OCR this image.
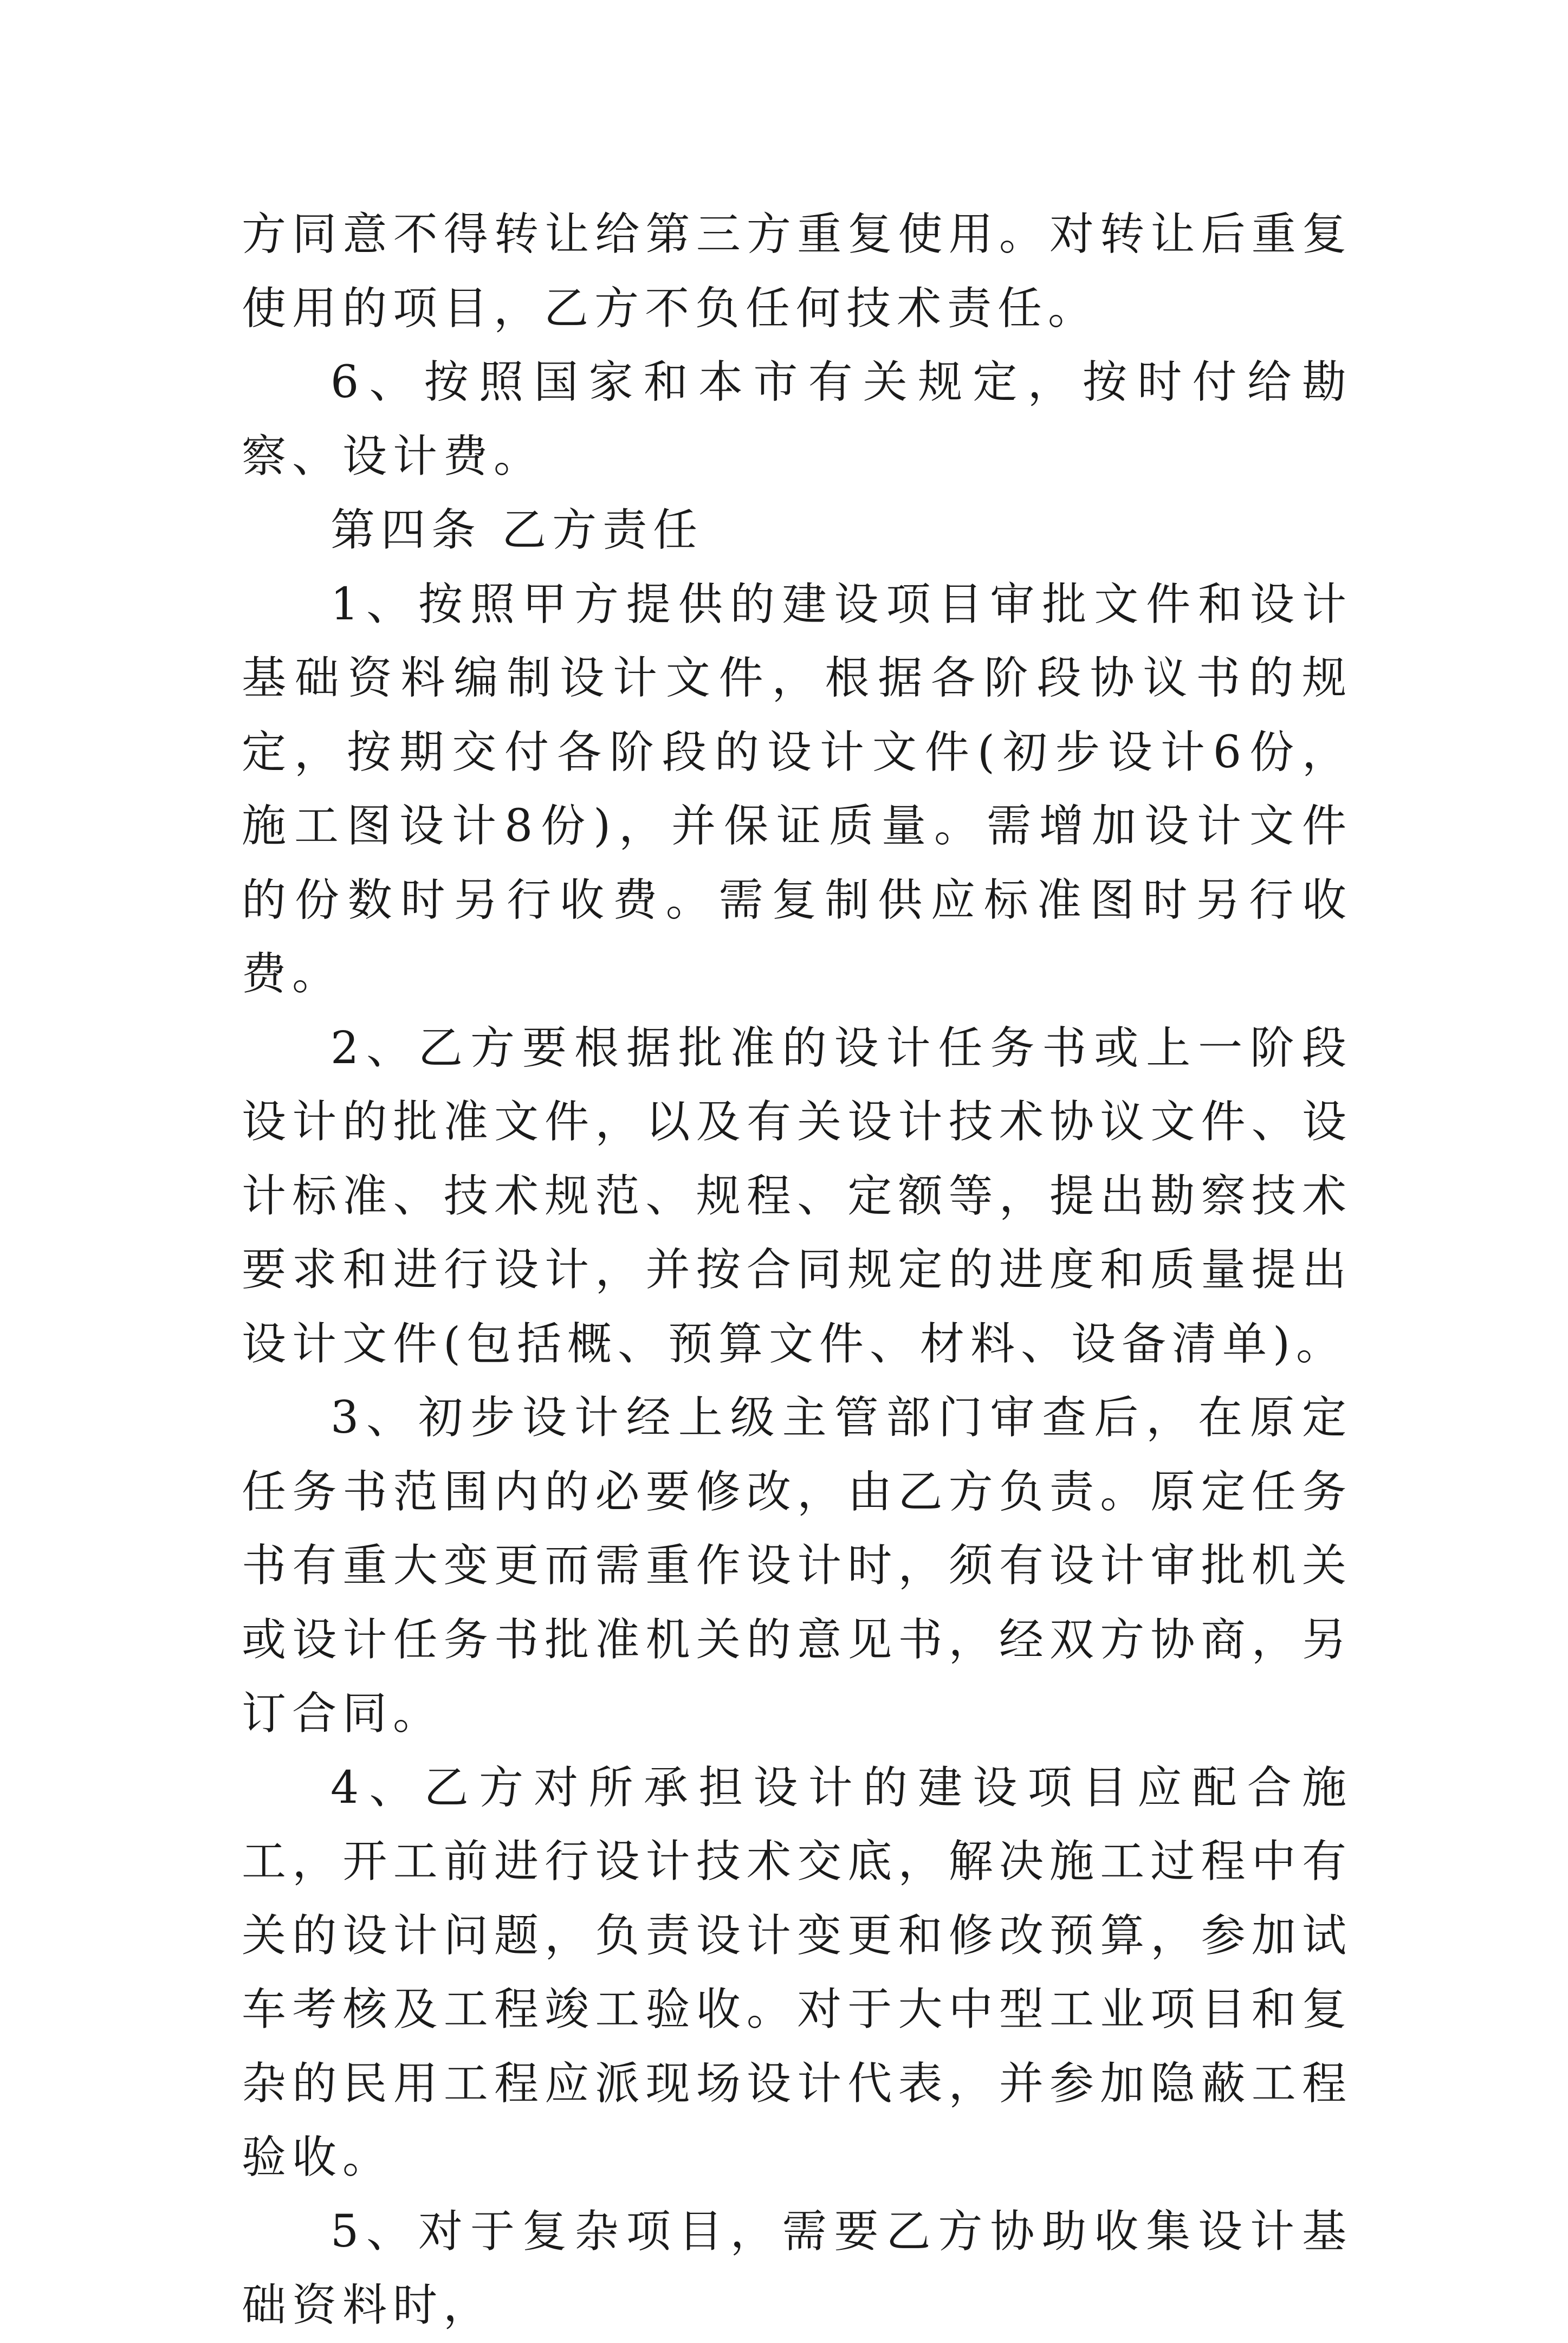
方同意不得转让给第三方重复使用。对转让后重复使用的项目，乙方不负任何技术责任。

6、按照国家和本市有关规定，按时付给勘察、设计费。

第四条 乙方责任

1、按照甲方提供的建设项目审批文件和设计基础资料编制设计文件，根据各阶段协议书的规定，按期交付各阶段的设计文件(初步设计6份，施工图设计8份)，并保证质量。需增加设计文件的份数时另行收费。需复制供应标准图时另行收费。

2、乙方要根据批准的设计任务书或上一阶段设计的批准文件，以及有关设计技术协议文件、设计标准、技术规范、规程、定额等，提出勘察技术要求和进行设计，并按合同规定的进度和质量提出设计文件(包括概、预算文件、材料、设备清单)。

3、初步设计经上级主管部门审查后，在原定任务书范围内的必要修改，由乙方负责。原定任务书有重大变更而需重作设计时，须有设计审批机关或设计任务书批准机关的意见书，经双方协商，另订合同。

4、乙方对所承担设计的建设项目应配合施工，开工前进行设计技术交底，解决施工过程中有关的设计问题，负责设计变更和修改预算，参加试车考核及工程竣工验收。对于大中型工业项目和复杂的民用工程应派现场设计代表，并参加隐蔽工程验收。

5、对于复杂项目，需要乙方协助收集设计基础资料时，
